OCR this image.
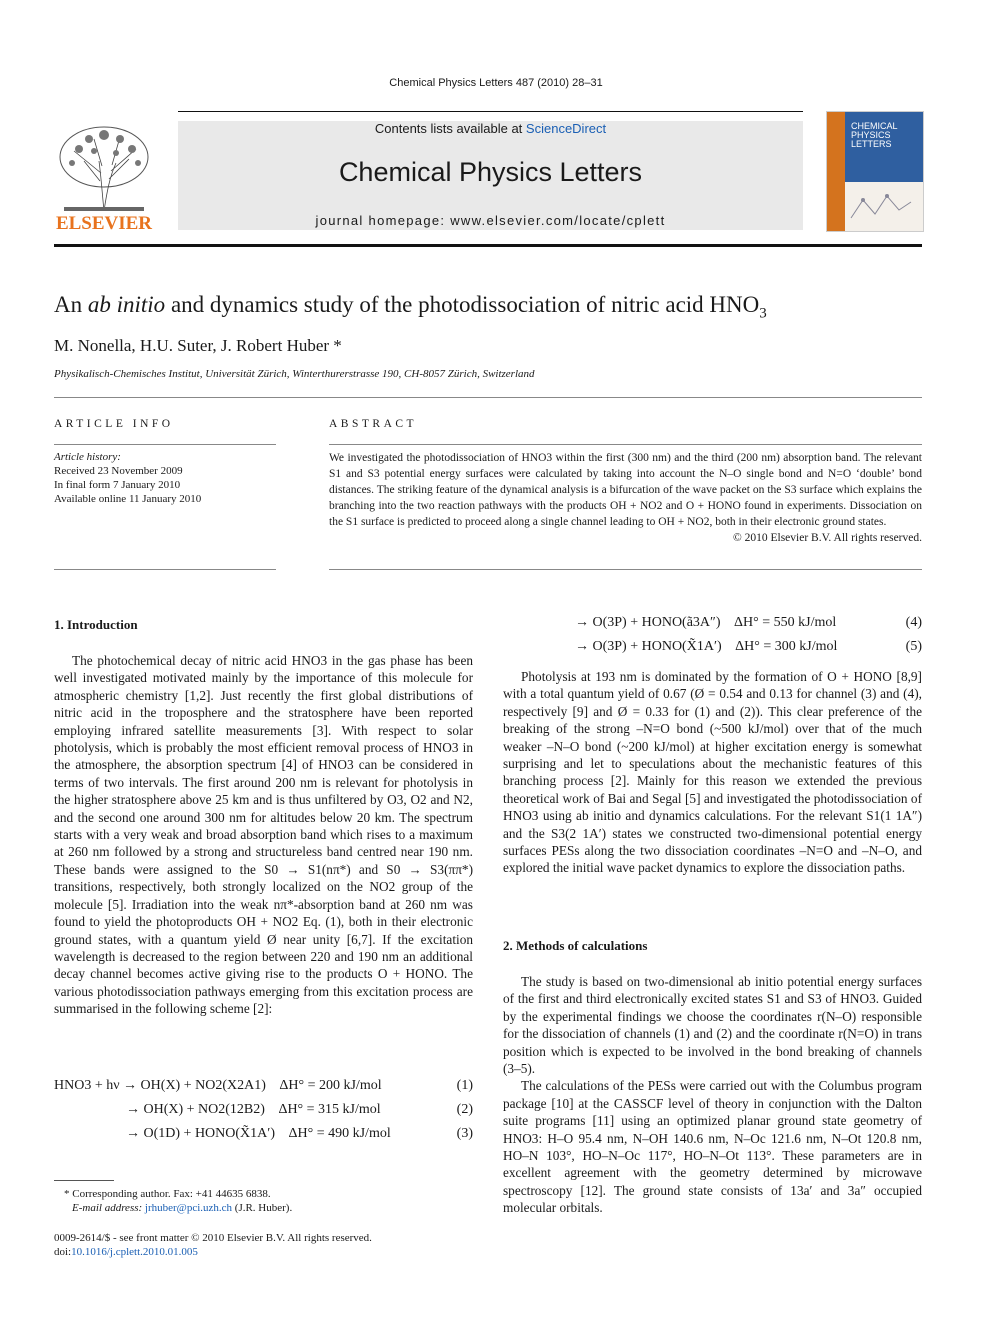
Chemical Physics Letters 487 (2010) 28–31
ELSEVIER
Contents lists available at ScienceDirect
Chemical Physics Letters
journal homepage: www.elsevier.com/locate/cplett
CHEMICAL PHYSICS LETTERS
An ab initio and dynamics study of the photodissociation of nitric acid $HNO_3$
M. Nonella, H.U. Suter, J. Robert Huber *
Physikalisch-Chemisches Institut, Universität Zürich, Winterthurerstrasse 190, CH-8057 Zürich, Switzerland
ARTICLE INFO
Article history:
Received 23 November 2009
In final form 7 January 2010
Available online 11 January 2010
ABSTRACT
We investigated the photodissociation of HNO3 within the first (300 nm) and the third (200 nm) absorption band. The relevant S1 and S3 potential energy surfaces were calculated by taking into account the N–O single bond and N=O ‘double’ bond distances. The striking feature of the dynamical analysis is a bifurcation of the wave packet on the S3 surface which explains the branching into the two reaction pathways with the products OH + NO2 and O + HONO found in experiments. Dissociation on the S1 surface is predicted to proceed along a single channel leading to OH + NO2, both in their electronic ground states.
© 2010 Elsevier B.V. All rights reserved.
1. Introduction

The photochemical decay of nitric acid HNO3 in the gas phase has been well investigated motivated mainly by the importance of this molecule for atmospheric chemistry [1,2]. Just recently the first global distributions of nitric acid in the troposphere and the stratosphere have been reported employing infrared satellite measurements [3]. With respect to solar photolysis, which is probably the most efficient removal process of HNO3 in the atmosphere, the absorption spectrum [4] of HNO3 can be considered in terms of two intervals. The first around 200 nm is relevant for photolysis in the higher stratosphere above 25 km and is thus unfiltered by O3, O2 and N2, and the second one around 300 nm for altitudes below 20 km. The spectrum starts with a very weak and broad absorption band which rises to a maximum at 260 nm followed by a strong and structureless band centred near 190 nm. These bands were assigned to the S0 → S1(nπ*) and S0 → S3(ππ*) transitions, respectively, both strongly localized on the NO2 group of the molecule [5]. Irradiation into the weak nπ*-absorption band at 260 nm was found to yield the photoproducts OH + NO2 Eq. (1), both in their electronic ground states, with a quantum yield Ø near unity [6,7]. If the excitation wavelength is decreased to the region between 220 and 190 nm an additional decay channel becomes active giving rise to the products O + HONO. The various photodissociation pathways emerging from this excitation process are summarised in the following scheme [2]:

HNO3 + hν → OH(X) + NO2(X2A1) ΔH° = 200 kJ/mol	(1)
→ OH(X) + NO2(12B2) ΔH° = 315 kJ/mol	(2)
→ O(1D) + HONO(X̃1A′) ΔH° = 490 kJ/mol	(3)
* Corresponding author. Fax: +41 44635 6838.
E-mail address: jrhuber@pci.uzh.ch (J.R. Huber).
0009-2614/$ - see front matter © 2010 Elsevier B.V. All rights reserved.
doi:10.1016/j.cplett.2010.01.005
→ O(3P) + HONO(ã3A″) ΔH° = 550 kJ/mol	(4)
→ O(3P) + HONO(X̃1A′) ΔH° = 300 kJ/mol	(5)

Photolysis at 193 nm is dominated by the formation of O + HONO [8,9] with a total quantum yield of 0.67 (Ø = 0.54 and 0.13 for channel (3) and (4), respectively [9] and Ø = 0.33 for (1) and (2)). This clear preference of the breaking of the strong –N=O bond (~500 kJ/mol) over that of the much weaker –N–O bond (~200 kJ/mol) at higher excitation energy is somewhat surprising and let to speculations about the mechanistic features of this branching process [2]. Mainly for this reason we extended the previous theoretical work of Bai and Segal [5] and investigated the photodissociation of HNO3 using ab initio and dynamics calculations. For the relevant S1(1 1A″) and the S3(2 1A′) states we constructed two-dimensional potential energy surfaces PESs along the two dissociation coordinates –N=O and –N–O, and explored the initial wave packet dynamics to explore the dissociation paths.

2. Methods of calculations

The study is based on two-dimensional ab initio potential energy surfaces of the first and third electronically excited states S1 and S3 of HNO3. Guided by the experimental findings we choose the coordinates r(N–O) responsible for the dissociation of channels (1) and (2) and the coordinate r(N=O) in trans position which is expected to be involved in the bond breaking of channels (3–5).

The calculations of the PESs were carried out with the Columbus program package [10] at the CASSCF level of theory in conjunction with the Dalton suite programs [11] using an optimized planar ground state geometry of HNO3: H–O 95.4 nm, N–OH 140.6 nm, N–Oc 121.6 nm, N–Ot 120.8 nm, HO–N 103°, HO–N–Oc 117°, HO–N–Ot 113°. These parameters are in excellent agreement with the geometry determined by microwave spectroscopy [12]. The ground state consists of 13a′ and 3a″ occupied molecular orbitals.
